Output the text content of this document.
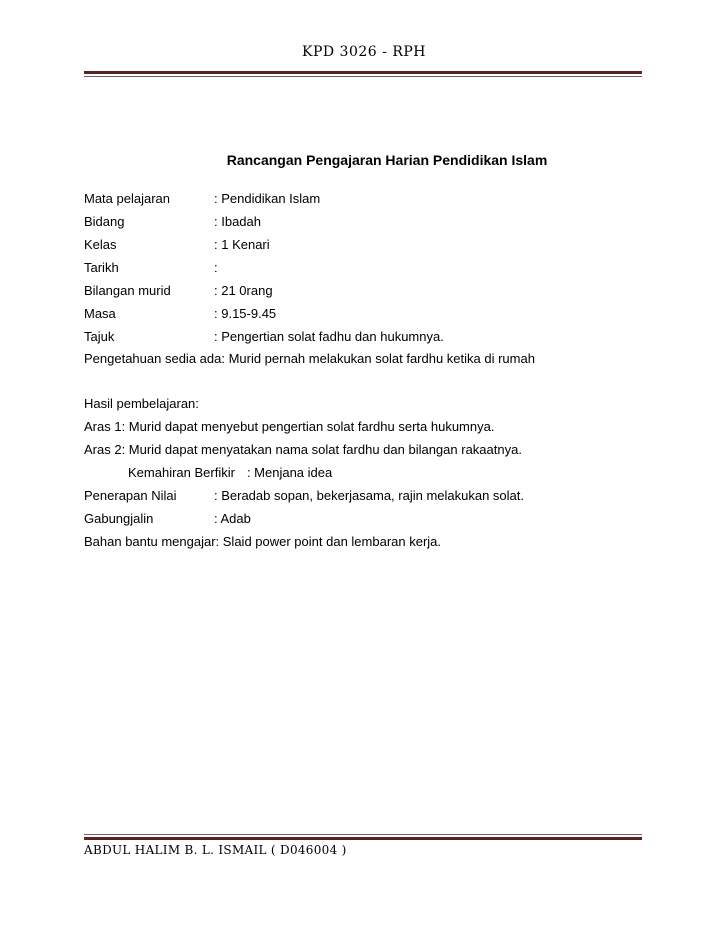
KPD 3026 - RPH
Rancangan Pengajaran Harian Pendidikan Islam
Mata pelajaran	: Pendidikan Islam
Bidang	: Ibadah
Kelas	: 1 Kenari
Tarikh	:
Bilangan murid	: 21 0rang
Masa	: 9.15-9.45
Tajuk	: Pengertian solat fadhu dan hukumnya.
Pengetahuan sedia ada: Murid pernah melakukan solat fardhu ketika di rumah
Hasil pembelajaran:
Aras 1: Murid dapat menyebut pengertian solat fardhu serta hukumnya.
Aras 2: Murid dapat menyatakan nama solat fardhu dan bilangan rakaatnya.
Kemahiran Berfikir : Menjana idea
Penerapan Nilai	: Beradab sopan, bekerjasama, rajin melakukan solat.
Gabungjalin	: Adab
Bahan bantu mengajar: Slaid power point dan lembaran kerja.
ABDUL HALIM B. L. ISMAIL ( D046004 )
